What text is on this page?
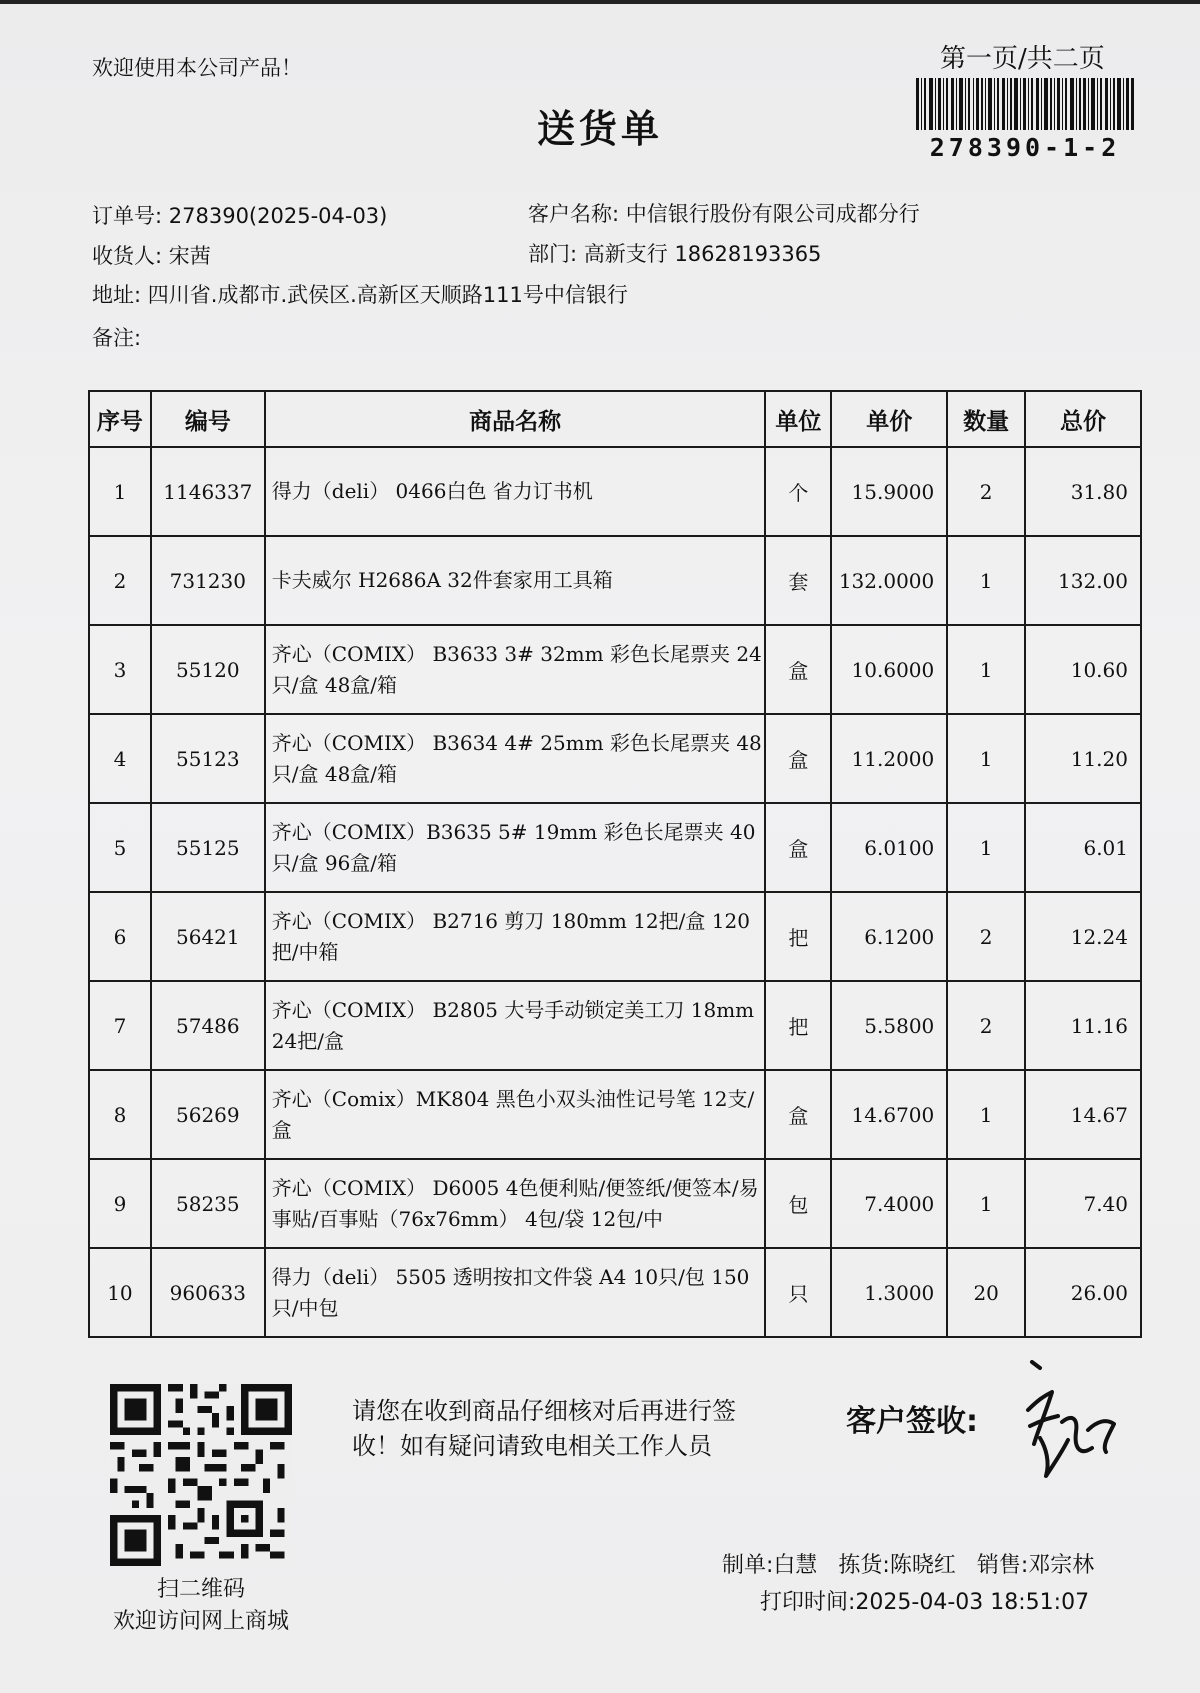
欢迎使用本公司产品！
送货单
第一页/共二页
278390-1-2
订单号: 278390(2025-04-03)	客户名称: 中信银行股份有限公司成都分行
收货人: 宋茜	部门: 高新支行 18628193365
地址: 四川省.成都市.武侯区.高新区天顺路111号中信银行
备注:
序号	编号	商品名称	单位	单价	数量	总价
1	1146337	得力（deli） 0466白色 省力订书机	个	15.9000	2	31.80
2	731230	卡夫威尔 H2686A 32件套家用工具箱	套	132.0000	1	132.00
3	55120	齐心（COMIX） B3633 3# 32mm 彩色长尾票夹 24只/盒 48盒/箱	盒	10.6000	1	10.60
4	55123	齐心（COMIX） B3634 4# 25mm 彩色长尾票夹 48只/盒 48盒/箱	盒	11.2000	1	11.20
5	55125	齐心（COMIX）B3635 5# 19mm 彩色长尾票夹 40只/盒 96盒/箱	盒	6.0100	1	6.01
6	56421	齐心（COMIX） B2716 剪刀 180mm 12把/盒 120把/中箱	把	6.1200	2	12.24
7	57486	齐心（COMIX） B2805 大号手动锁定美工刀 18mm 24把/盒	把	5.5800	2	11.16
8	56269	齐心（Comix）MK804 黑色小双头油性记号笔 12支/盒	盒	14.6700	1	14.67
9	58235	齐心（COMIX） D6005 4色便利贴/便签纸/便签本/易事贴/百事贴（76x76mm） 4包/袋 12包/中	包	7.4000	1	7.40
10	960633	得力（deli） 5505 透明按扣文件袋 A4 10只/包 150只/中包	只	1.3000	20	26.00
扫二维码
欢迎访问网上商城
请您在收到商品仔细核对后再进行签收！如有疑问请致电相关工作人员
客户签收:
制单:白慧 拣货:陈晓红 销售:邓宗林
打印时间:2025-04-03 18:51:07
